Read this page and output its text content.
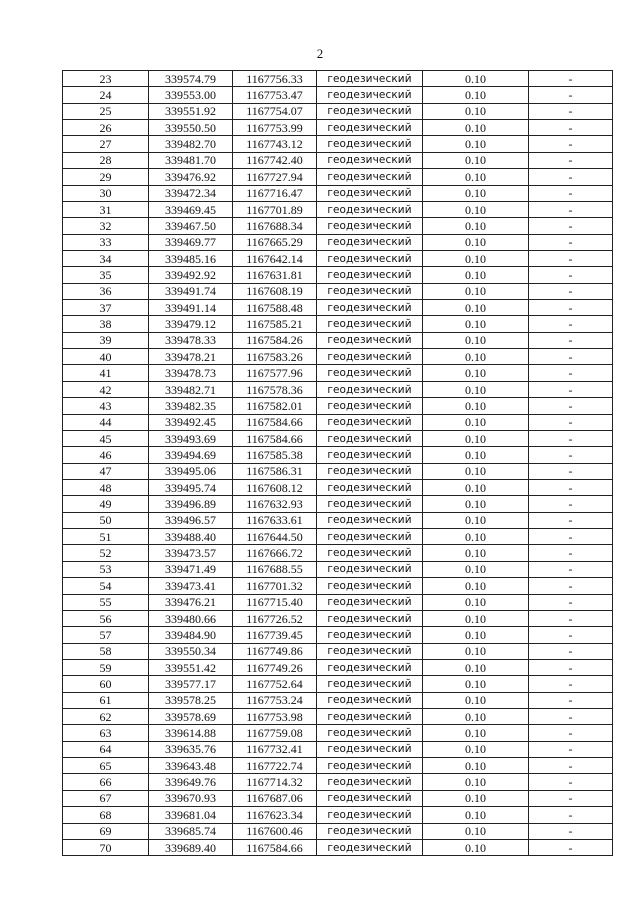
2
23	339574.79	1167756.33	геодезический	0.10	-
24	339553.00	1167753.47	геодезический	0.10	-
25	339551.92	1167754.07	геодезический	0.10	-
26	339550.50	1167753.99	геодезический	0.10	-
27	339482.70	1167743.12	геодезический	0.10	-
28	339481.70	1167742.40	геодезический	0.10	-
29	339476.92	1167727.94	геодезический	0.10	-
30	339472.34	1167716.47	геодезический	0.10	-
31	339469.45	1167701.89	геодезический	0.10	-
32	339467.50	1167688.34	геодезический	0.10	-
33	339469.77	1167665.29	геодезический	0.10	-
34	339485.16	1167642.14	геодезический	0.10	-
35	339492.92	1167631.81	геодезический	0.10	-
36	339491.74	1167608.19	геодезический	0.10	-
37	339491.14	1167588.48	геодезический	0.10	-
38	339479.12	1167585.21	геодезический	0.10	-
39	339478.33	1167584.26	геодезический	0.10	-
40	339478.21	1167583.26	геодезический	0.10	-
41	339478.73	1167577.96	геодезический	0.10	-
42	339482.71	1167578.36	геодезический	0.10	-
43	339482.35	1167582.01	геодезический	0.10	-
44	339492.45	1167584.66	геодезический	0.10	-
45	339493.69	1167584.66	геодезический	0.10	-
46	339494.69	1167585.38	геодезический	0.10	-
47	339495.06	1167586.31	геодезический	0.10	-
48	339495.74	1167608.12	геодезический	0.10	-
49	339496.89	1167632.93	геодезический	0.10	-
50	339496.57	1167633.61	геодезический	0.10	-
51	339488.40	1167644.50	геодезический	0.10	-
52	339473.57	1167666.72	геодезический	0.10	-
53	339471.49	1167688.55	геодезический	0.10	-
54	339473.41	1167701.32	геодезический	0.10	-
55	339476.21	1167715.40	геодезический	0.10	-
56	339480.66	1167726.52	геодезический	0.10	-
57	339484.90	1167739.45	геодезический	0.10	-
58	339550.34	1167749.86	геодезический	0.10	-
59	339551.42	1167749.26	геодезический	0.10	-
60	339577.17	1167752.64	геодезический	0.10	-
61	339578.25	1167753.24	геодезический	0.10	-
62	339578.69	1167753.98	геодезический	0.10	-
63	339614.88	1167759.08	геодезический	0.10	-
64	339635.76	1167732.41	геодезический	0.10	-
65	339643.48	1167722.74	геодезический	0.10	-
66	339649.76	1167714.32	геодезический	0.10	-
67	339670.93	1167687.06	геодезический	0.10	-
68	339681.04	1167623.34	геодезический	0.10	-
69	339685.74	1167600.46	геодезический	0.10	-
70	339689.40	1167584.66	геодезический	0.10	-
